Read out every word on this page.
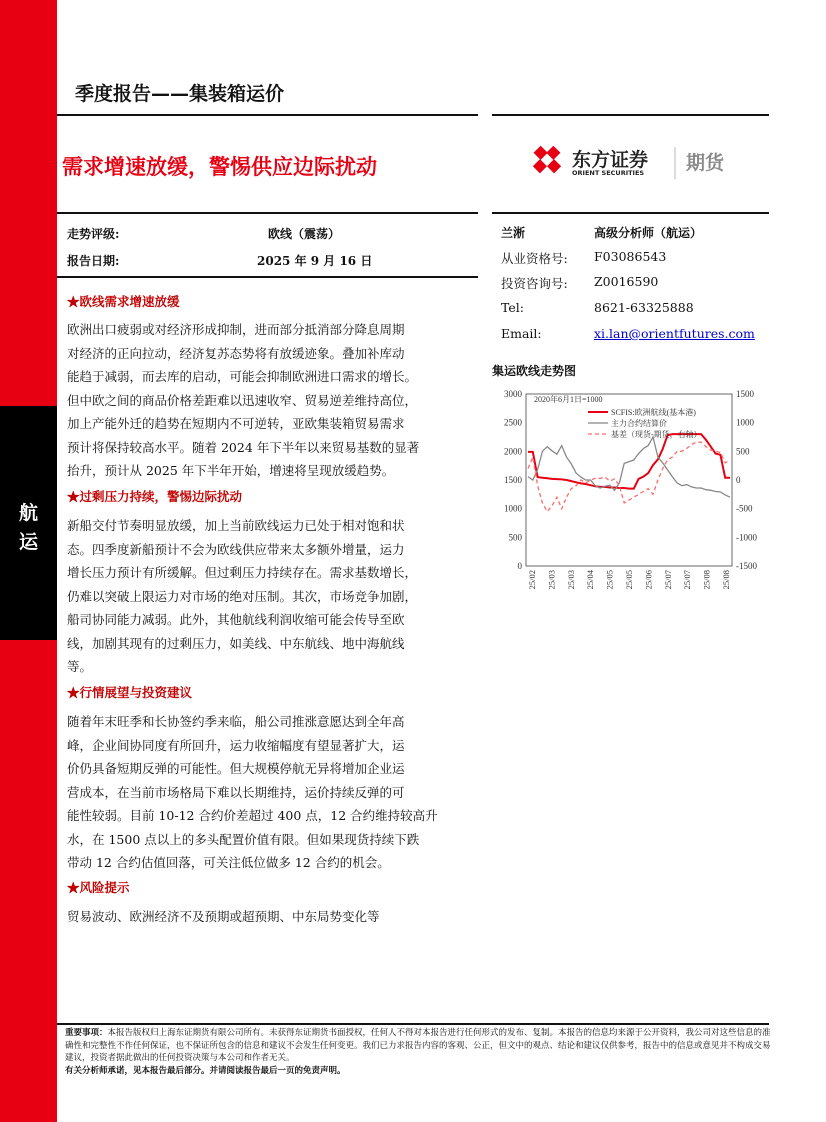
航
运
季度报告——集装箱运价
需求增速放缓，警惕供应边际扰动	东方证券
ORIENT SECURITIES 期货
走势评级:	欧线（震荡）
报告日期:	2025 年 9 月 16 日
★欧线需求增速放缓
欧洲出口疲弱或对经济形成抑制，进而部分抵消部分降息周期
对经济的正向拉动，经济复苏态势将有放缓迹象。叠加补库动
能趋于减弱，而去库的启动，可能会抑制欧洲进口需求的增长。
但中欧之间的商品价格差距难以迅速收窄、贸易逆差维持高位，
加上产能外迁的趋势在短期内不可逆转，亚欧集装箱贸易需求
预计将保持较高水平。随着 2024 年下半年以来贸易基数的显著
抬升，预计从 2025 年下半年开始，增速将呈现放缓趋势。
★过剩压力持续，警惕边际扰动
新船交付节奏明显放缓，加上当前欧线运力已处于相对饱和状
态。四季度新船预计不会为欧线供应带来太多额外增量，运力
增长压力预计有所缓解。但过剩压力持续存在。需求基数增长，
仍难以突破上限运力对市场的绝对压制。其次，市场竞争加剧，
船司协同能力减弱。此外，其他航线利润收缩可能会传导至欧
线，加剧其现有的过剩压力，如美线、中东航线、地中海航线
等。
★行情展望与投资建议
随着年末旺季和长协签约季来临，船公司推涨意愿达到全年高
峰，企业间协同度有所回升，运力收缩幅度有望显著扩大，运
价仍具备短期反弹的可能性。但大规模停航无异将增加企业运
营成本，在当前市场格局下难以长期维持，运价持续反弹的可
能性较弱。目前 10-12 合约价差超过 400 点，12 合约维持较高升
水，在 1500 点以上的多头配置价值有限。但如果现货持续下跌
带动 12 合约估值回落，可关注低位做多 12 合约的机会。
★风险提示
贸易波动、欧洲经济不及预期或超预期、中东局势变化等
兰淅	高级分析师（航运）
从业资格号: F03086543
投资咨询号: Z0016590
Tel:	8621-63325888
Email:	xi.lan@orientfutures.com
集运欧线走势图
3000
2500
2000
1500
1000
500
0
1500
1000
500
0
-500
-1000
-1500
25/02 25/03 25/03 25/04 25/05 25/05 25/06 25/07 25/07 25/08 25/08
2020年6月1日=1000
SCFIS:欧洲航线(基本港)
主力合约结算价
基差（现货-期货，右轴）
重要事项：本报告版权归上海东证期货有限公司所有。未获得东证期货书面授权，任何人不得对本报告进行任何形式的发布、复制。本报告的信息均来源于公开资料，我公司对这些信息的准确性和完整性不作任何保证，也不保证所包含的信息和建议不会发生任何变更。我们已力求报告内容的客观、公正，但文中的观点、结论和建议仅供参考，报告中的信息或意见并不构成交易建议，投资者据此做出的任何投资决策与本公司和作者无关。
有关分析师承诺，见本报告最后部分。并请阅读报告最后一页的免责声明。
